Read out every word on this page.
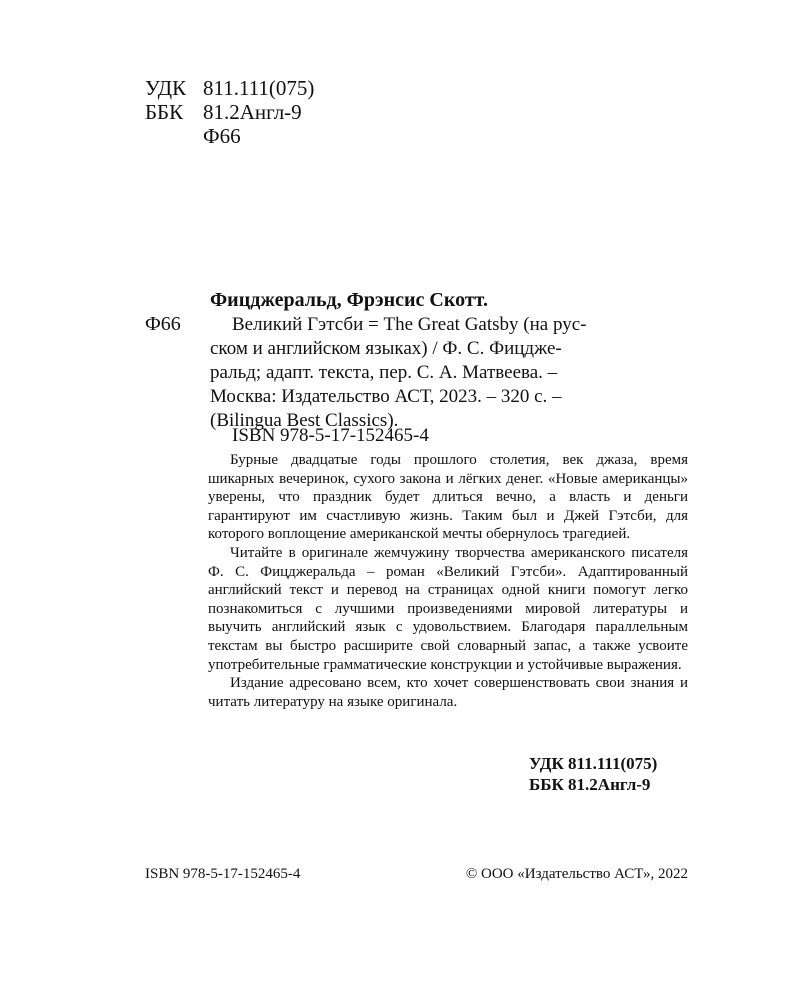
УДК 811.111(075)
ББК 81.2Англ-9
Ф66
Фицджеральд, Фрэнсис Скотт.
Ф66	Великий Гэтсби = The Great Gatsby (на рус-
ском и английском языках) / Ф. С. Фицдже-
ральд; адапт. текста, пер. С. А. Матвеева. –
Москва: Издательство АСТ, 2023. – 320 с. –
(Bilingua Best Classics).
ISBN 978-5-17-152465-4

Бурные двадцатые годы прошлого столетия, век джаза, время шикарных вечеринок, сухого закона и лёгких денег. «Новые американцы» уверены, что праздник будет длиться вечно, а власть и деньги гарантируют им счастливую жизнь. Таким был и Джей Гэтсби, для которого воплощение американской мечты обернулось трагедией.

Читайте в оригинале жемчужину творчества американского писателя Ф. С. Фицджеральда – роман «Великий Гэтсби». Адаптированный английский текст и перевод на страницах одной книги помогут легко познакомиться с лучшими произведениями мировой литературы и выучить английский язык с удовольствием. Благодаря параллельным текстам вы быстро расширите свой словарный запас, а также усвоите употребительные грамматические конструкции и устойчивые выражения.

Издание адресовано всем, кто хочет совершенствовать свои знания и читать литературу на языке оригинала.

УДК 811.111(075)
ББК 81.2Англ-9
ISBN 978-5-17-152465-4	© ООО «Издательство АСТ», 2022
